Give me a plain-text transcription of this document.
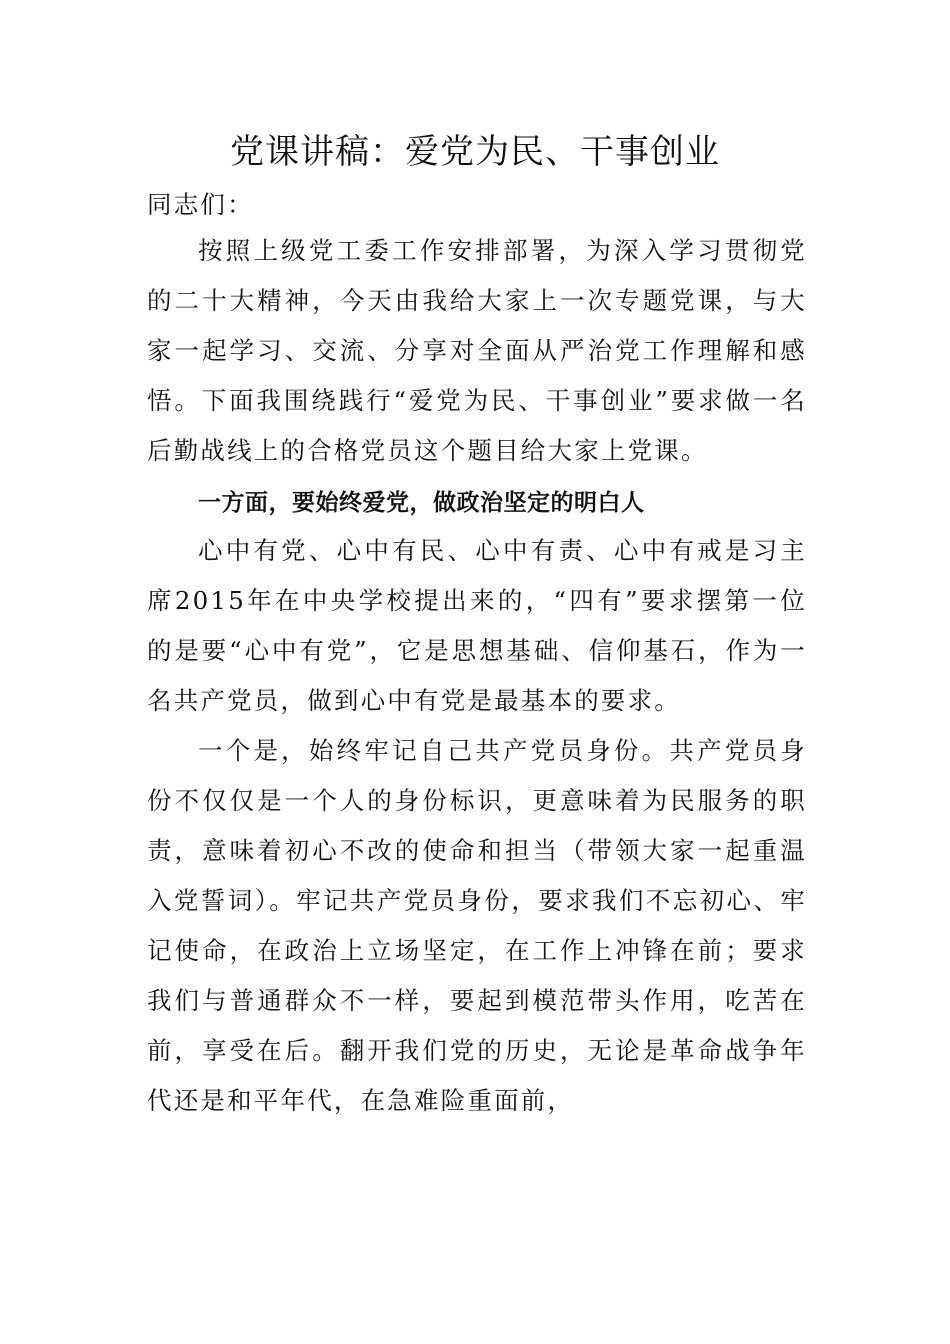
党课讲稿：爱党为民、干事创业

同志们：

按照上级党工委工作安排部署，为深入学习贯彻党的二十大精神，今天由我给大家上一次专题党课，与大家一起学习、交流、分享对全面从严治党工作理解和感悟。下面我围绕践行“爱党为民、干事创业”要求做一名后勤战线上的合格党员这个题目给大家上党课。

一方面，要始终爱党，做政治坚定的明白人

心中有党、心中有民、心中有责、心中有戒是习主席2015年在中央学校提出来的，“四有”要求摆第一位的是要“心中有党”，它是思想基础、信仰基石，作为一名共产党员，做到心中有党是最基本的要求。

一个是，始终牢记自己共产党员身份。共产党员身份不仅仅是一个人的身份标识，更意味着为民服务的职责，意味着初心不改的使命和担当（带领大家一起重温入党誓词）。牢记共产党员身份，要求我们不忘初心、牢记使命，在政治上立场坚定，在工作上冲锋在前；要求我们与普通群众不一样，要起到模范带头作用，吃苦在前，享受在后。翻开我们党的历史，无论是革命战争年代还是和平年代，在急难险重面前，
